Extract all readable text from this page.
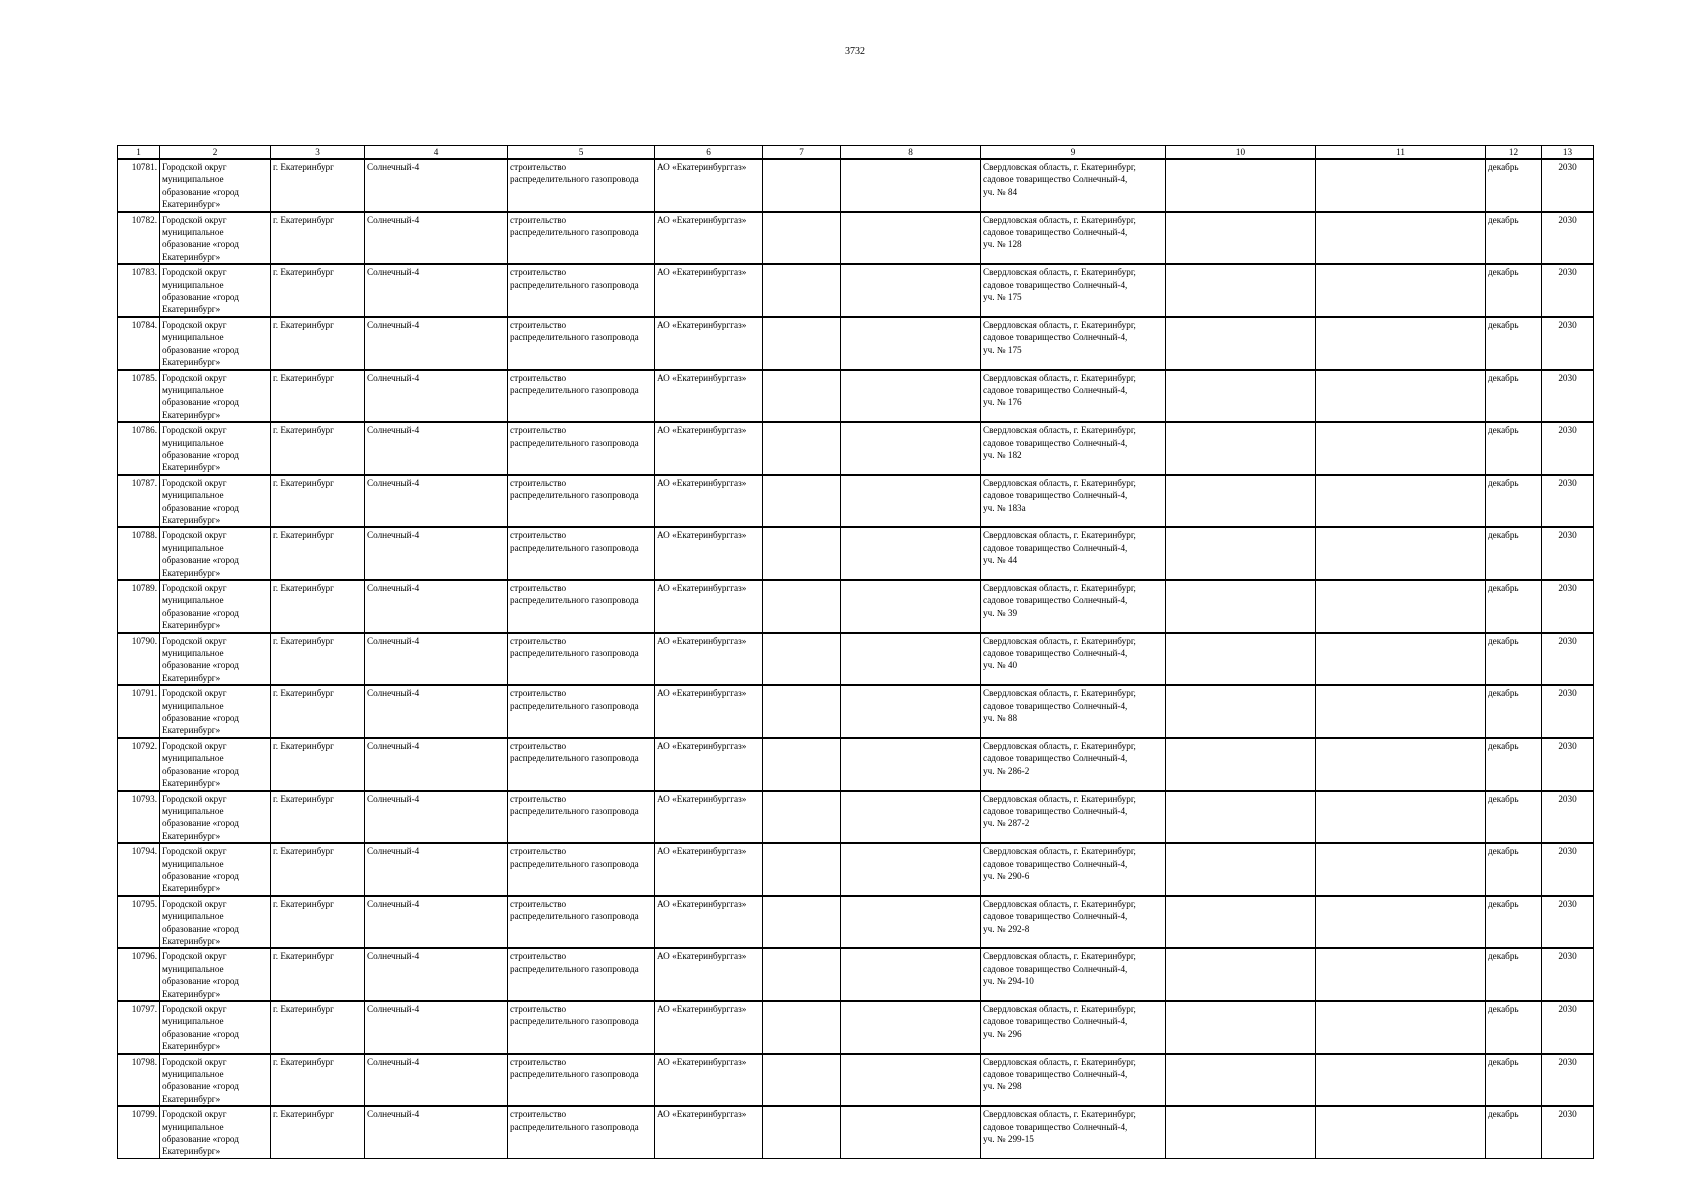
3732
1	2	3	4	5	6	7	8	9	10	11	12	13

10781.	Городской округ
муниципальное
образование «город
Екатеринбург»	г. Екатеринбург	Солнечный-4	строительство
распределительного газопровода	АО «Екатеринбурггаз»			Свердловская область, г. Екатеринбург,
садовое товарищество Солнечный-4,
уч. № 84			декабрь	2030

10782.	Городской округ
муниципальное
образование «город
Екатеринбург»	г. Екатеринбург	Солнечный-4	строительство
распределительного газопровода	АО «Екатеринбурггаз»			Свердловская область, г. Екатеринбург,
садовое товарищество Солнечный-4,
уч. № 128			декабрь	2030

10783.	Городской округ
муниципальное
образование «город
Екатеринбург»	г. Екатеринбург	Солнечный-4	строительство
распределительного газопровода	АО «Екатеринбурггаз»			Свердловская область, г. Екатеринбург,
садовое товарищество Солнечный-4,
уч. № 175			декабрь	2030

10784.	Городской округ
муниципальное
образование «город
Екатеринбург»	г. Екатеринбург	Солнечный-4	строительство
распределительного газопровода	АО «Екатеринбурггаз»			Свердловская область, г. Екатеринбург,
садовое товарищество Солнечный-4,
уч. № 175			декабрь	2030

10785.	Городской округ
муниципальное
образование «город
Екатеринбург»	г. Екатеринбург	Солнечный-4	строительство
распределительного газопровода	АО «Екатеринбурггаз»			Свердловская область, г. Екатеринбург,
садовое товарищество Солнечный-4,
уч. № 176			декабрь	2030

10786.	Городской округ
муниципальное
образование «город
Екатеринбург»	г. Екатеринбург	Солнечный-4	строительство
распределительного газопровода	АО «Екатеринбурггаз»			Свердловская область, г. Екатеринбург,
садовое товарищество Солнечный-4,
уч. № 182			декабрь	2030

10787.	Городской округ
муниципальное
образование «город
Екатеринбург»	г. Екатеринбург	Солнечный-4	строительство
распределительного газопровода	АО «Екатеринбурггаз»			Свердловская область, г. Екатеринбург,
садовое товарищество Солнечный-4,
уч. № 183а			декабрь	2030

10788.	Городской округ
муниципальное
образование «город
Екатеринбург»	г. Екатеринбург	Солнечный-4	строительство
распределительного газопровода	АО «Екатеринбурггаз»			Свердловская область, г. Екатеринбург,
садовое товарищество Солнечный-4,
уч. № 44			декабрь	2030

10789.	Городской округ
муниципальное
образование «город
Екатеринбург»	г. Екатеринбург	Солнечный-4	строительство
распределительного газопровода	АО «Екатеринбурггаз»			Свердловская область, г. Екатеринбург,
садовое товарищество Солнечный-4,
уч. № 39			декабрь	2030

10790.	Городской округ
муниципальное
образование «город
Екатеринбург»	г. Екатеринбург	Солнечный-4	строительство
распределительного газопровода	АО «Екатеринбурггаз»			Свердловская область, г. Екатеринбург,
садовое товарищество Солнечный-4,
уч. № 40			декабрь	2030

10791.	Городской округ
муниципальное
образование «город
Екатеринбург»	г. Екатеринбург	Солнечный-4	строительство
распределительного газопровода	АО «Екатеринбурггаз»			Свердловская область, г. Екатеринбург,
садовое товарищество Солнечный-4,
уч. № 88			декабрь	2030

10792.	Городской округ
муниципальное
образование «город
Екатеринбург»	г. Екатеринбург	Солнечный-4	строительство
распределительного газопровода	АО «Екатеринбурггаз»			Свердловская область, г. Екатеринбург,
садовое товарищество Солнечный-4,
уч. № 286-2			декабрь	2030

10793.	Городской округ
муниципальное
образование «город
Екатеринбург»	г. Екатеринбург	Солнечный-4	строительство
распределительного газопровода	АО «Екатеринбурггаз»			Свердловская область, г. Екатеринбург,
садовое товарищество Солнечный-4,
уч. № 287-2			декабрь	2030

10794.	Городской округ
муниципальное
образование «город
Екатеринбург»	г. Екатеринбург	Солнечный-4	строительство
распределительного газопровода	АО «Екатеринбурггаз»			Свердловская область, г. Екатеринбург,
садовое товарищество Солнечный-4,
уч. № 290-6			декабрь	2030

10795.	Городской округ
муниципальное
образование «город
Екатеринбург»	г. Екатеринбург	Солнечный-4	строительство
распределительного газопровода	АО «Екатеринбурггаз»			Свердловская область, г. Екатеринбург,
садовое товарищество Солнечный-4,
уч. № 292-8			декабрь	2030

10796.	Городской округ
муниципальное
образование «город
Екатеринбург»	г. Екатеринбург	Солнечный-4	строительство
распределительного газопровода	АО «Екатеринбурггаз»			Свердловская область, г. Екатеринбург,
садовое товарищество Солнечный-4,
уч. № 294-10			декабрь	2030

10797.	Городской округ
муниципальное
образование «город
Екатеринбург»	г. Екатеринбург	Солнечный-4	строительство
распределительного газопровода	АО «Екатеринбурггаз»			Свердловская область, г. Екатеринбург,
садовое товарищество Солнечный-4,
уч. № 296			декабрь	2030

10798.	Городской округ
муниципальное
образование «город
Екатеринбург»	г. Екатеринбург	Солнечный-4	строительство
распределительного газопровода	АО «Екатеринбурггаз»			Свердловская область, г. Екатеринбург,
садовое товарищество Солнечный-4,
уч. № 298			декабрь	2030

10799.	Городской округ
муниципальное
образование «город
Екатеринбург»	г. Екатеринбург	Солнечный-4	строительство
распределительного газопровода	АО «Екатеринбурггаз»			Свердловская область, г. Екатеринбург,
садовое товарищество Солнечный-4,
уч. № 299-15			декабрь	2030
